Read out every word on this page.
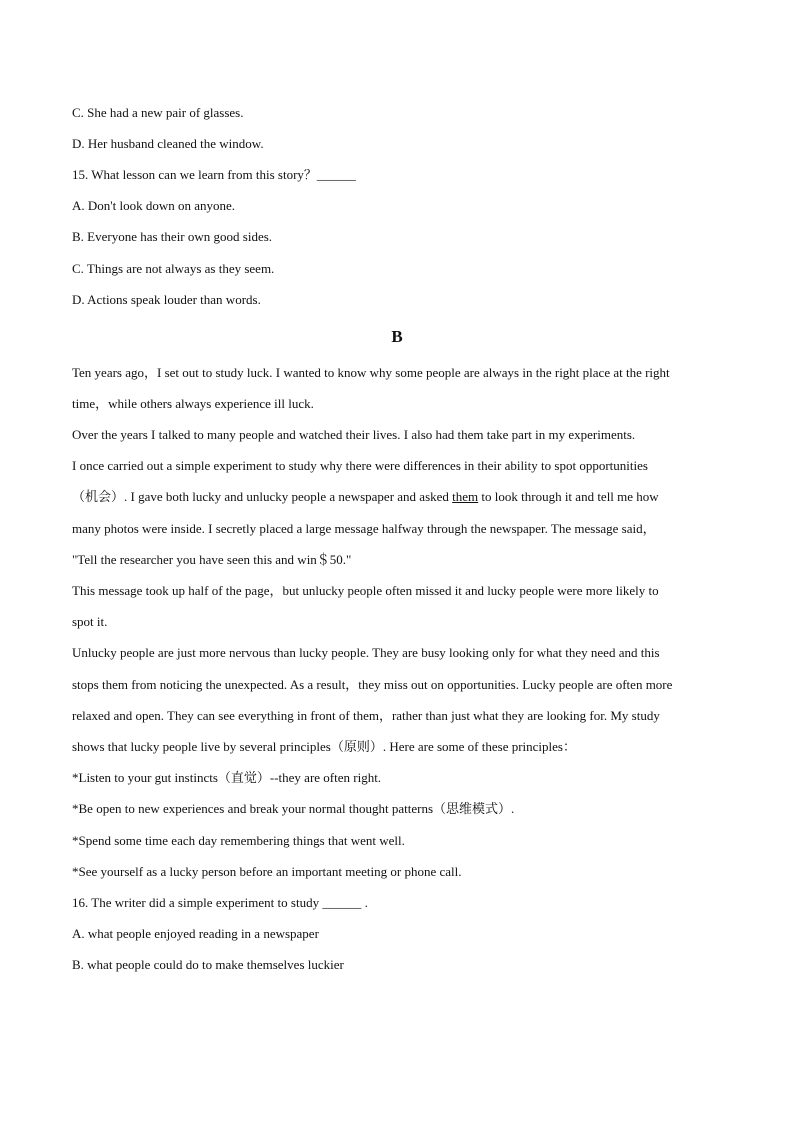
C. She had a new pair of glasses.
D. Her husband cleaned the window.
15. What lesson can we learn from this story？______
A. Don't look down on anyone.
B. Everyone has their own good sides.
C. Things are not always as they seem.
D. Actions speak louder than words.
B
Ten years ago，I set out to study luck. I wanted to know why some people are always in the right place at the right
time，while others always experience ill luck.
Over the years I talked to many people and watched their lives. I also had them take part in my experiments.
I once carried out a simple experiment to study why there were differences in their ability to spot opportunities
（机会）. I gave both lucky and unlucky people a newspaper and asked them to look through it and tell me how
many photos were inside. I secretly placed a large message halfway through the newspaper. The message said，
"Tell the researcher you have seen this and win＄50."
This message took up half of the page，but unlucky people often missed it and lucky people were more likely to
spot it.
Unlucky people are just more nervous than lucky people. They are busy looking only for what they need and this
stops them from noticing the unexpected. As a result，they miss out on opportunities. Lucky people are often more
relaxed and open. They can see everything in front of them，rather than just what they are looking for. My study
shows that lucky people live by several principles（原则）. Here are some of these principles：
*Listen to your gut instincts（直觉）--they are often right.
*Be open to new experiences and break your normal thought patterns（思维模式）.
*Spend some time each day remembering things that went well.
*See yourself as a lucky person before an important meeting or phone call.
16. The writer did a simple experiment to study ______ .
A. what people enjoyed reading in a newspaper
B. what people could do to make themselves luckier
